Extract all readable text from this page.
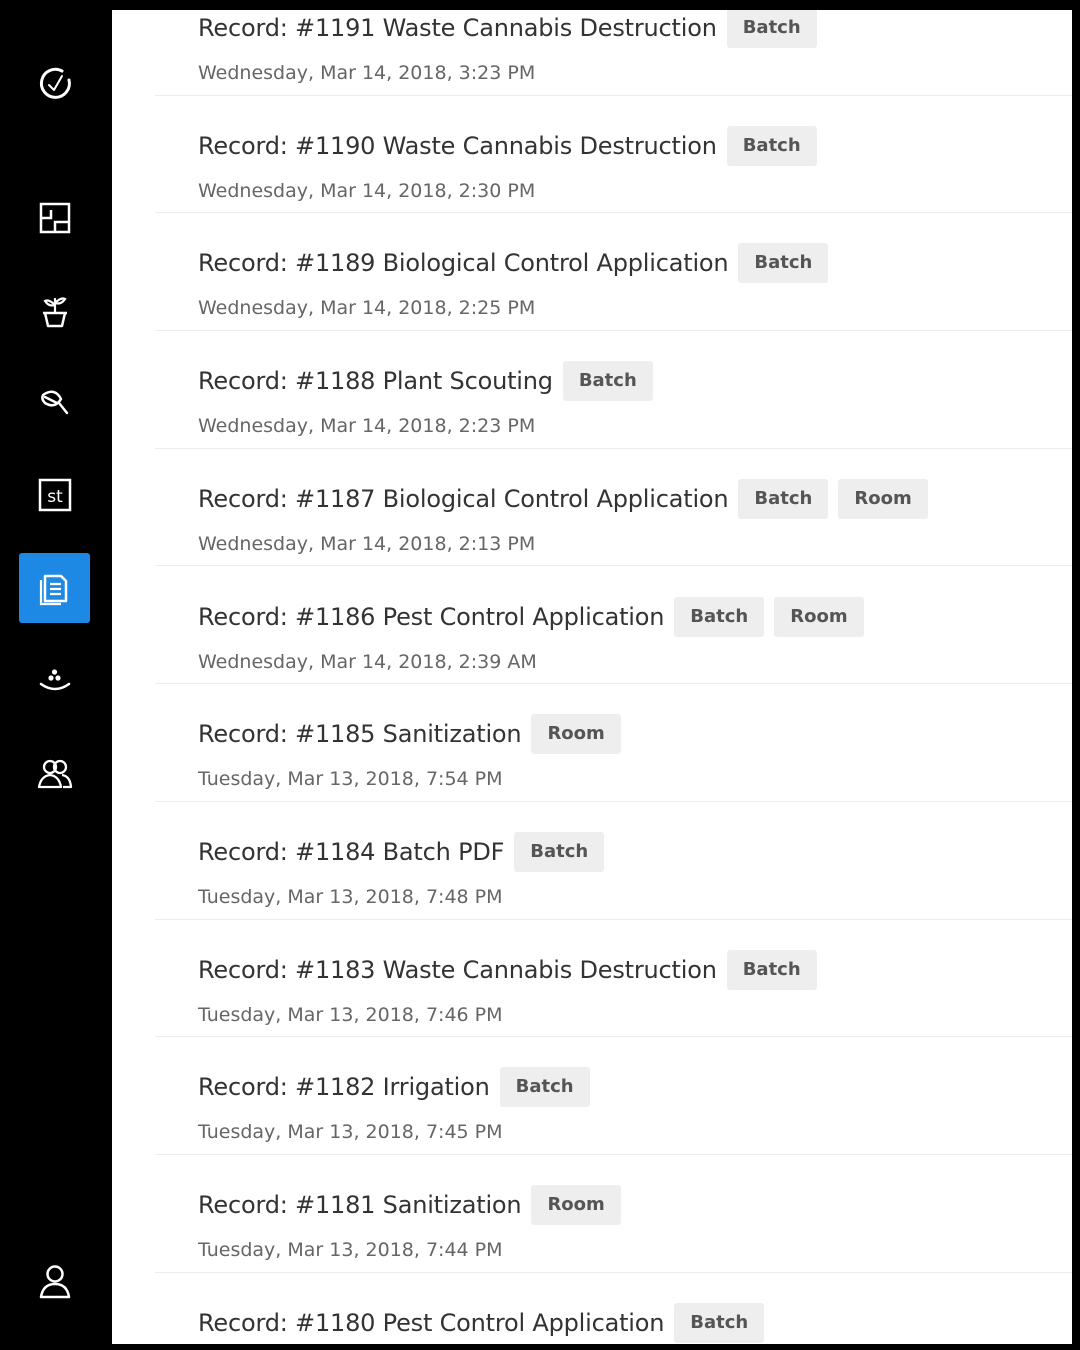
st
Record: #1191 Waste Cannabis Destruction	Batch
Wednesday, Mar 14, 2018, 3:23 PM
Record: #1190 Waste Cannabis Destruction	Batch
Wednesday, Mar 14, 2018, 2:30 PM
Record: #1189 Biological Control Application	Batch
Wednesday, Mar 14, 2018, 2:25 PM
Record: #1188 Plant Scouting	Batch
Wednesday, Mar 14, 2018, 2:23 PM
Record: #1187 Biological Control Application	Batch	Room
Wednesday, Mar 14, 2018, 2:13 PM
Record: #1186 Pest Control Application	Batch	Room
Wednesday, Mar 14, 2018, 2:39 AM
Record: #1185 Sanitization	Room
Tuesday, Mar 13, 2018, 7:54 PM
Record: #1184 Batch PDF	Batch
Tuesday, Mar 13, 2018, 7:48 PM
Record: #1183 Waste Cannabis Destruction	Batch
Tuesday, Mar 13, 2018, 7:46 PM
Record: #1182 Irrigation	Batch
Tuesday, Mar 13, 2018, 7:45 PM
Record: #1181 Sanitization	Room
Tuesday, Mar 13, 2018, 7:44 PM
Record: #1180 Pest Control Application	Batch
